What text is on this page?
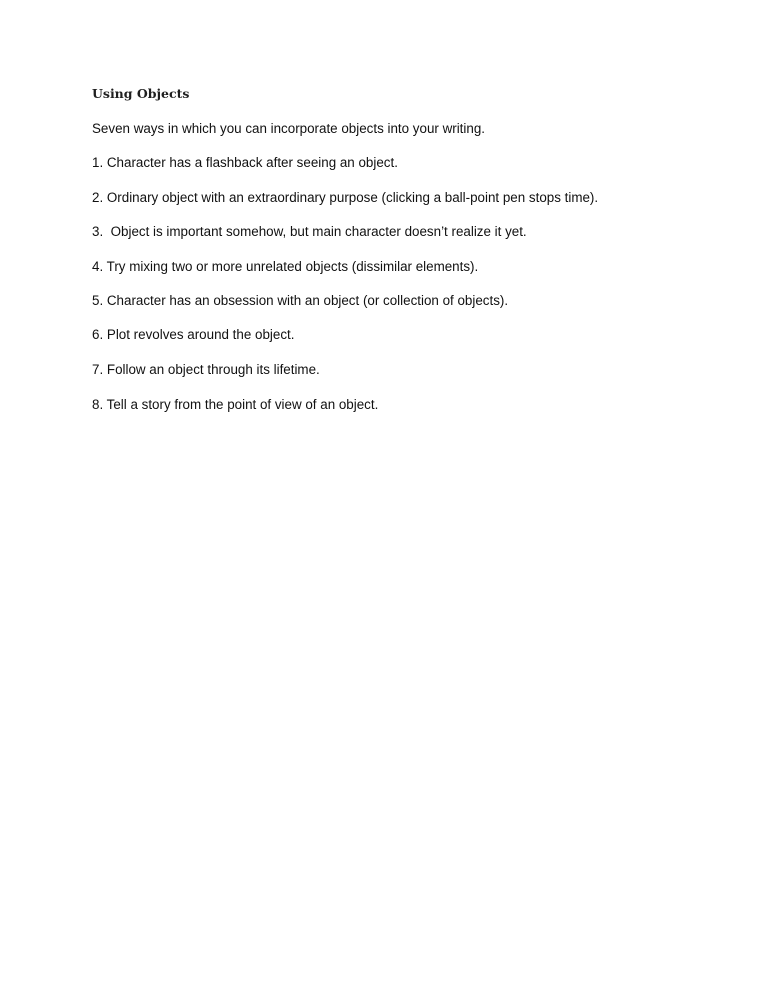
Using Objects

Seven ways in which you can incorporate objects into your writing.

1. Character has a flashback after seeing an object.
2. Ordinary object with an extraordinary purpose (clicking a ball-point pen stops time).
3.  Object is important somehow, but main character doesn’t realize it yet.
4. Try mixing two or more unrelated objects (dissimilar elements).
5. Character has an obsession with an object (or collection of objects).
6. Plot revolves around the object.
7. Follow an object through its lifetime.
8. Tell a story from the point of view of an object.
